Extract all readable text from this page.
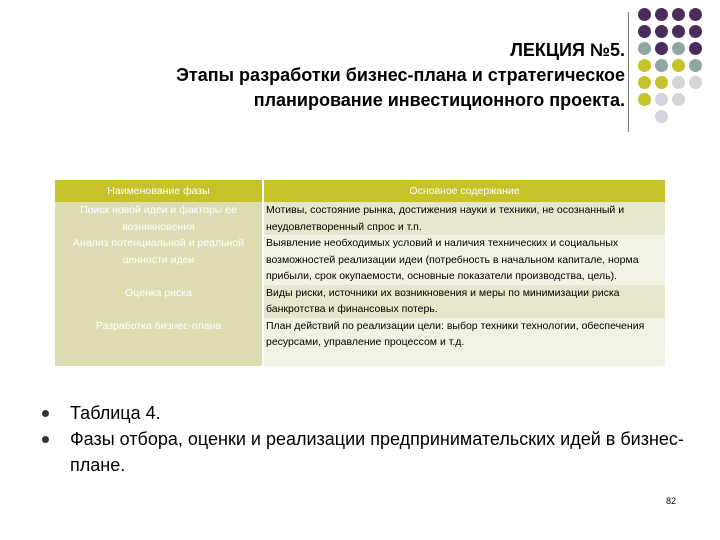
ЛЕКЦИЯ №5.
Этапы разработки бизнес-плана и стратегическое
планирование инвестиционного проекта.
Наименование фазы	Основное содержание
Поиск новой идеи и факторы ее возникновения	Мотивы, состояние рынка, достижения науки и техники, не осознанный и неудовлетворенный спрос и т.п.
Анализ потенциальной и реальной ценности идеи	Выявление необходимых условий и наличия технических и социальных возможностей реализации идеи (потребность в начальном капитале, норма прибыли, срок окупаемости, основные показатели производства, цель).
Оценка риска	Виды риски, источники их возникновения и меры по минимизации риска банкротства и финансовых потерь.
Разработка бизнес-плана	План действий по реализации цели: выбор техники технологии, обеспечения ресурсами, управление процессом и т.д.
Таблица 4.
Фазы отбора, оценки и реализации предпринимательских идей в бизнес-плане.
82
